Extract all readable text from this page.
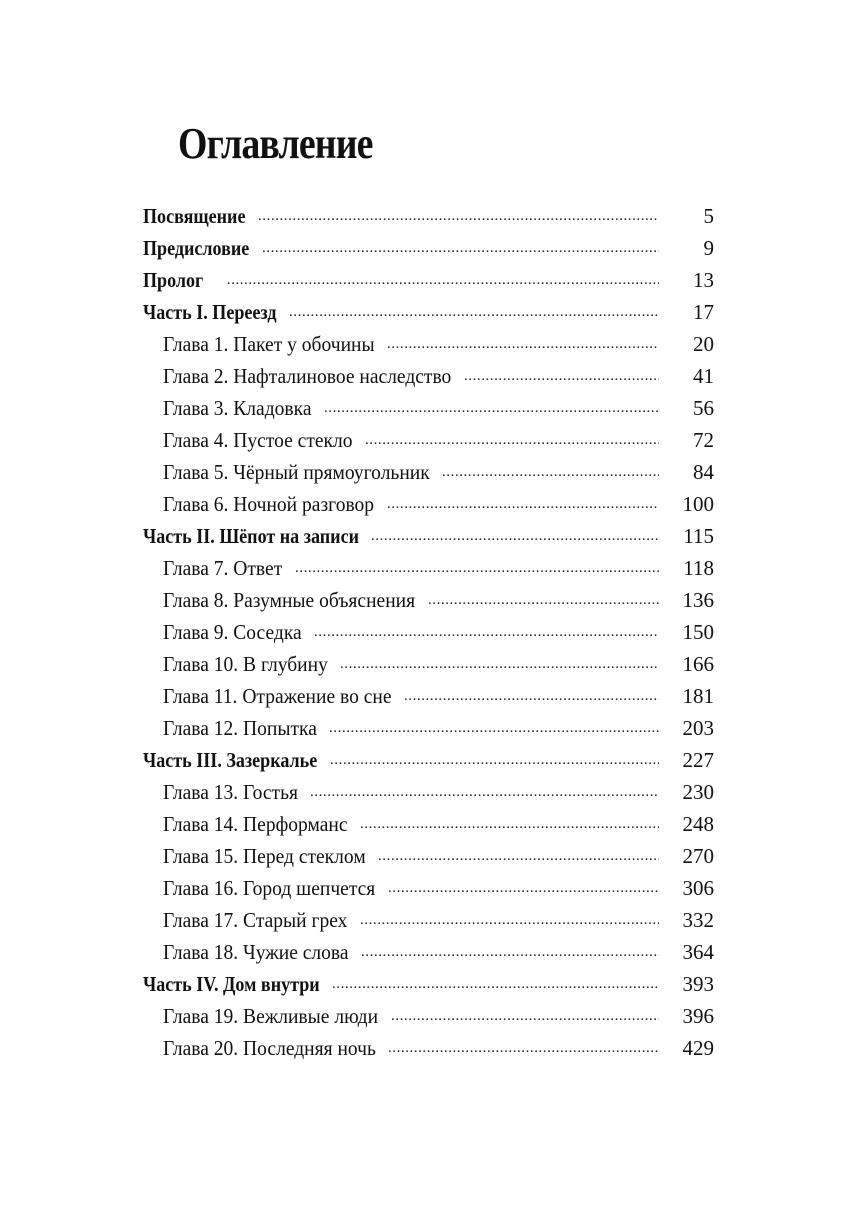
Оглавление
Посвящение . . .	5
Предисловие . . .	9
Пролог . . .	13
Часть I. Переезд . . .	17
Глава 1. Пакет у обочины . . .	20
Глава 2. Нафталиновое наследство . . .	41
Глава 3. Кладовка . . .	56
Глава 4. Пустое стекло . . .	72
Глава 5. Чёрный прямоугольник . . .	84
Глава 6. Ночной разговор . . .	100
Часть II. Шёпот на записи . . .	115
Глава 7. Ответ . . .	118
Глава 8. Разумные объяснения . . .	136
Глава 9. Соседка . . .	150
Глава 10. В глубину . . .	166
Глава 11. Отражение во сне . . .	181
Глава 12. Попытка . . .	203
Часть III. Зазеркалье . . .	227
Глава 13. Гостья . . .	230
Глава 14. Перформанс . . .	248
Глава 15. Перед стеклом . . .	270
Глава 16. Город шепчется . . .	306
Глава 17. Старый грех . . .	332
Глава 18. Чужие слова . . .	364
Часть IV. Дом внутри . . .	393
Глава 19. Вежливые люди . . .	396
Глава 20. Последняя ночь . . .	429
